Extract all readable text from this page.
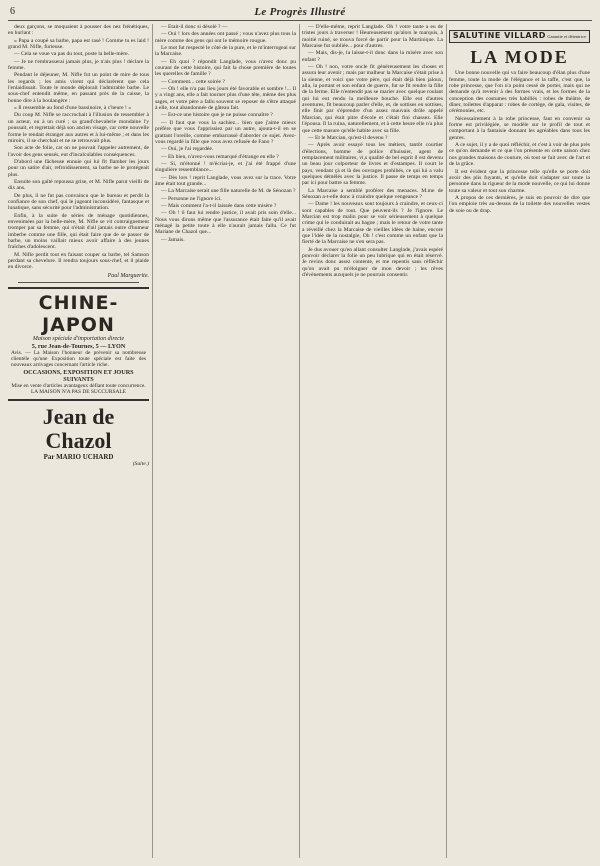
6	Le Progrès Illustré

deux garçons, se moquaient à pousser des nez frénétiques, en hurlant :

« Papa a coupé sa barbe, papa est rasé ! Comme tu es laid ! grand M. Nifle, furieuse.

— Cela se voue va pas du tout, poste la belle-mère.

— Je ne t'embrasserai jamais plus, je n'ais plus ! déclare la femme.

Pendant le déjeuner, M. Nifle fut un point de mire de tous les regards ; les amis virent qui déclarèrent que cela l'enlaidissait. Toute le monde déplorait l'admirable barbe. Le sous-chef entendit même, en passant près de la caisse, la bonne dire à la boulangère :

« Il ressemble au fond d'une bassinoire, à c'heure ! »

Du coup M. Nifle se raccrochait à l'illusion de ressembler à un acteur, ou à un curé ; sa grand'chevalerie mondaine l'y poussait, et regrettait déjà son ancien visage, car cette nouvelle forme le rendait étranger aux autres et à lui-même ; et dans les miroirs, il se cherchait et ne se retrouvait plus.

Son acte de folie, car on ne pouvait l'appeler autrement, de l'avoir des gens sensés, eut d'incalculables conséquences.

D'abord une fâcheuse ennuie qui lui fit flamber les jours pour un satire d'air, refroidissement, sa barbe ne le protégeait plus.

Ensuite son gaîté repoussa grise, et M. Nifle parut vieilli de dix ans.

De plus, il ne fut pas convaincu que le bureau et perdit la confiance de son chef, qui le jugeant inconsidéré, fantasque et lunatique, sans sécurité pour l'administration.

Enfin, à la suite de séries de ménage quotidiennes, envenimées par la belle-mère, M. Nifle se vit contraignement tromper par sa femme, qui n'était d'ail jamais outre d'humeur imberbe comme une fille, qui était faire que de se passer de barbe, un moins vaillait mieux avoir affaire à des jeunes fraîches d'adolescent.

M. Nifle perdit tout en faisant couper sa barbe, tel Samson perdant sa chevelure. Il rendra toujours sous-chef, et il plaide en divorce.

Paul Marguerite.
CHINE-JAPON
Maison spéciale d'importation directe
5, rue Jean-de-Tournes, 5 — LYON
Avis. — La Maison l'honneur de prévenir sa nombreuse clientèle qu'une Exposition toute spéciale est faite des nouveaux arrivages concernant l'article riche.
OCCASIONS, EXPOSITION ET JOURS SUIVANTS
Mise en vente d'articles avantageux défiant toute concurrence.
LA MAISON N'A PAS DE SUCCURSALE
Jean de Chazol
Par MARIO UCHARD
(Suite.)

— Etait-il donc si désolé ? —

— Oui ! lors des années ont passé ; vous n'avez plus tous la mère comme des gens qui ont le mémoire rougue.

Le mot fut respecté le côté de la pure, et le m'interrogeai sur la Marcaise.

— Eh quoi ? répondit Langlade, vous n'avez donc pu courant de cette histoire, qui fait la chose première de toutes les querelles de famille ?

— Comment... cette soirée ?

— Oh ! elle n'a pas lieu jours été favorable et sombre !... Il y a vingt ans, elle a fait tourner plus d'une tête, même des plus sages, et votre père a fallu souvent se reposer de s'être attaqué à elle, tout abandonnée de gâteau fait.

— Est-ce une histoire que je ne puisse connaître ?

— Il faut que vous la sachiez... bien que j'aime mieux préfère que vous l'apprissiez par un autre, ajouta-t-il en se grattant l'oreille, comme embarrassé d'aborder ce sujet. Avez-vous regardé la fille que vous avez refusée de Fano ?

— Oui, je l'ai regardée.

— Eh bien, n'avez-vous remarqué d'étrange en elle ?

— Si, m'étonné ! m'écriai-je, et j'ai été frappé d'une singulière ressemblance...

— Dès lors ! reprit Langlade, vous avez sur la trace. Votre âme était tout grande...

— La Marcaise serait une fille naturelle de M. de Sénozan ?

— Personne ne l'ignore ici.

— Mais comment l'a-t-il laissée dans cette misère ?

— Oh ! il faut lui rendre justice, il avait pris soin d'elle... Nous vous dirons même que l'assurance était faite qu'il avait ménagé la petite toute à elle n'aurait jamais fallu. Ce fut Mariane de Chazol que...

— Jamais.

— D'elle-même, reprit Langlade. Oh ! votre taute a eu de tristes jours à traverser ! Heureusement qu'alors le marquis, à moitié ruiné, se trouva forcé de partir pour la Martinique. La Marcaise fut oubliée... pour d'autres.

— Mais, dis-je, la laisse-t-il donc dans la misère avec son enfant ?

— Oh ! non, votre oncle fit généreusement les choses et assura leur avenir ; mais par malheur la Marcaise s'était prise à la sienne, et voici que votre père, qui était déjà bien jaloux, alla, la portant et son enfant de guerre, fut se fit rendre la fille de la ferme. Elle n'entendit pas se marier avec quelque roulant qui lui eut rendu la meilleure bouche. Elle eut d'autres aventures, fit beaucoup parler d'elle, et, de sottises en sottises, elle finit par s'éprendre d'un assez mauvais drôle appelé Marcian, qui était pitre d'école et c'était fini chassez. Elle l'épousa. Il la ruina, naturellement, et à cette heure elle n'a plus que cette masure qu'elle habite avec sa fille.

— Et le Marcian, qu'est-il devenu ?

— Après avoir essayé tous les métiers, tantôt courtier d'élections, homme de police d'huissier, agent de remplacement militaires, vi,s qualité de bel esprit il est devenu un beau jour colporteur de livres et d'estampes. Il court le pays, vendant çà et là des ouvrages prohibés, ce qui lui a valu quelques démêlés avec la justice. Il passe de temps en temps par ici pour battre sa femme.

La Marcaise a semblé proférer des menaces. M.me de Sénozan a-t-elle donc à craindre quelque vengeance ?

— Dame ! les nouveaux sont toujours à craindre, et ceux-ci sont capables de tout. Que peuvent-ils ? Je l'ignore. Le Marcian est trop malin pour se voir sérieusement à quelque crime qui le conduirait au bagne ; mais le retour de votre tante a réveillé chez la Marcaise de vieilles idées de haine, encore que l'idée de la nostalgie, Oh ! c'est comme un enfant que la fierté de la Marcaise ne s'en sera pas.

Je dus avouer qu'en allant consulter Langlade, j'avais espéré pouvoir déclarer la folie un peu lubrique qui en était réservé. Je revins donc assez contente, et me repentis sans réfléchir qu'on avait pu m'éloigner de mon devoir ; les rêves d'évènements auxquels je ne pourrais consentir.

SALUTINE VILLARD Garantie et détentrice
LA MODE

Une bonne nouvelle qui va faire beaucoup d'élan plus d'une femme, toute la mode de l'élégance et la taffe, c'est que, la robe princesse, que l'on n'a point cessé de porter, mais qui ne demande qu'à revenir à des formes vrais, et les formes de la conception des costumes très habillés : robes de théâtre, de dîner, toilettes d'apparat : robes de cortège, de gala, visites, de cérémonies, etc.

Nécessairement à la robe princesse, faut en convenir sa forme est privilégiée, se modèle sur le profil de tout et comportant à la fantaisie donnant les agréables dans tous les genres.

A ce sujet, il y a de quoi réfléchir, et c'est à voir de plus près ce qu'on demande et ce que l'on présente en cette saison chez nos grandes maisons de couture, où tout se fait avec de l'art et de la grâce.

Il est évident que la princesse telle qu'elle se porte doit avoir des plis fuyants, et qu'elle doit s'adapter sur toute la personne dans la rigueur de la mode nouvelle, ce qui lui donne toute sa valeur et tout son charme.

A propos de ces dernières, je suis en pouvoir de dire que l'on emploie très au-dessus de la toilette des nouvelles vestes de soie ou de drap.
